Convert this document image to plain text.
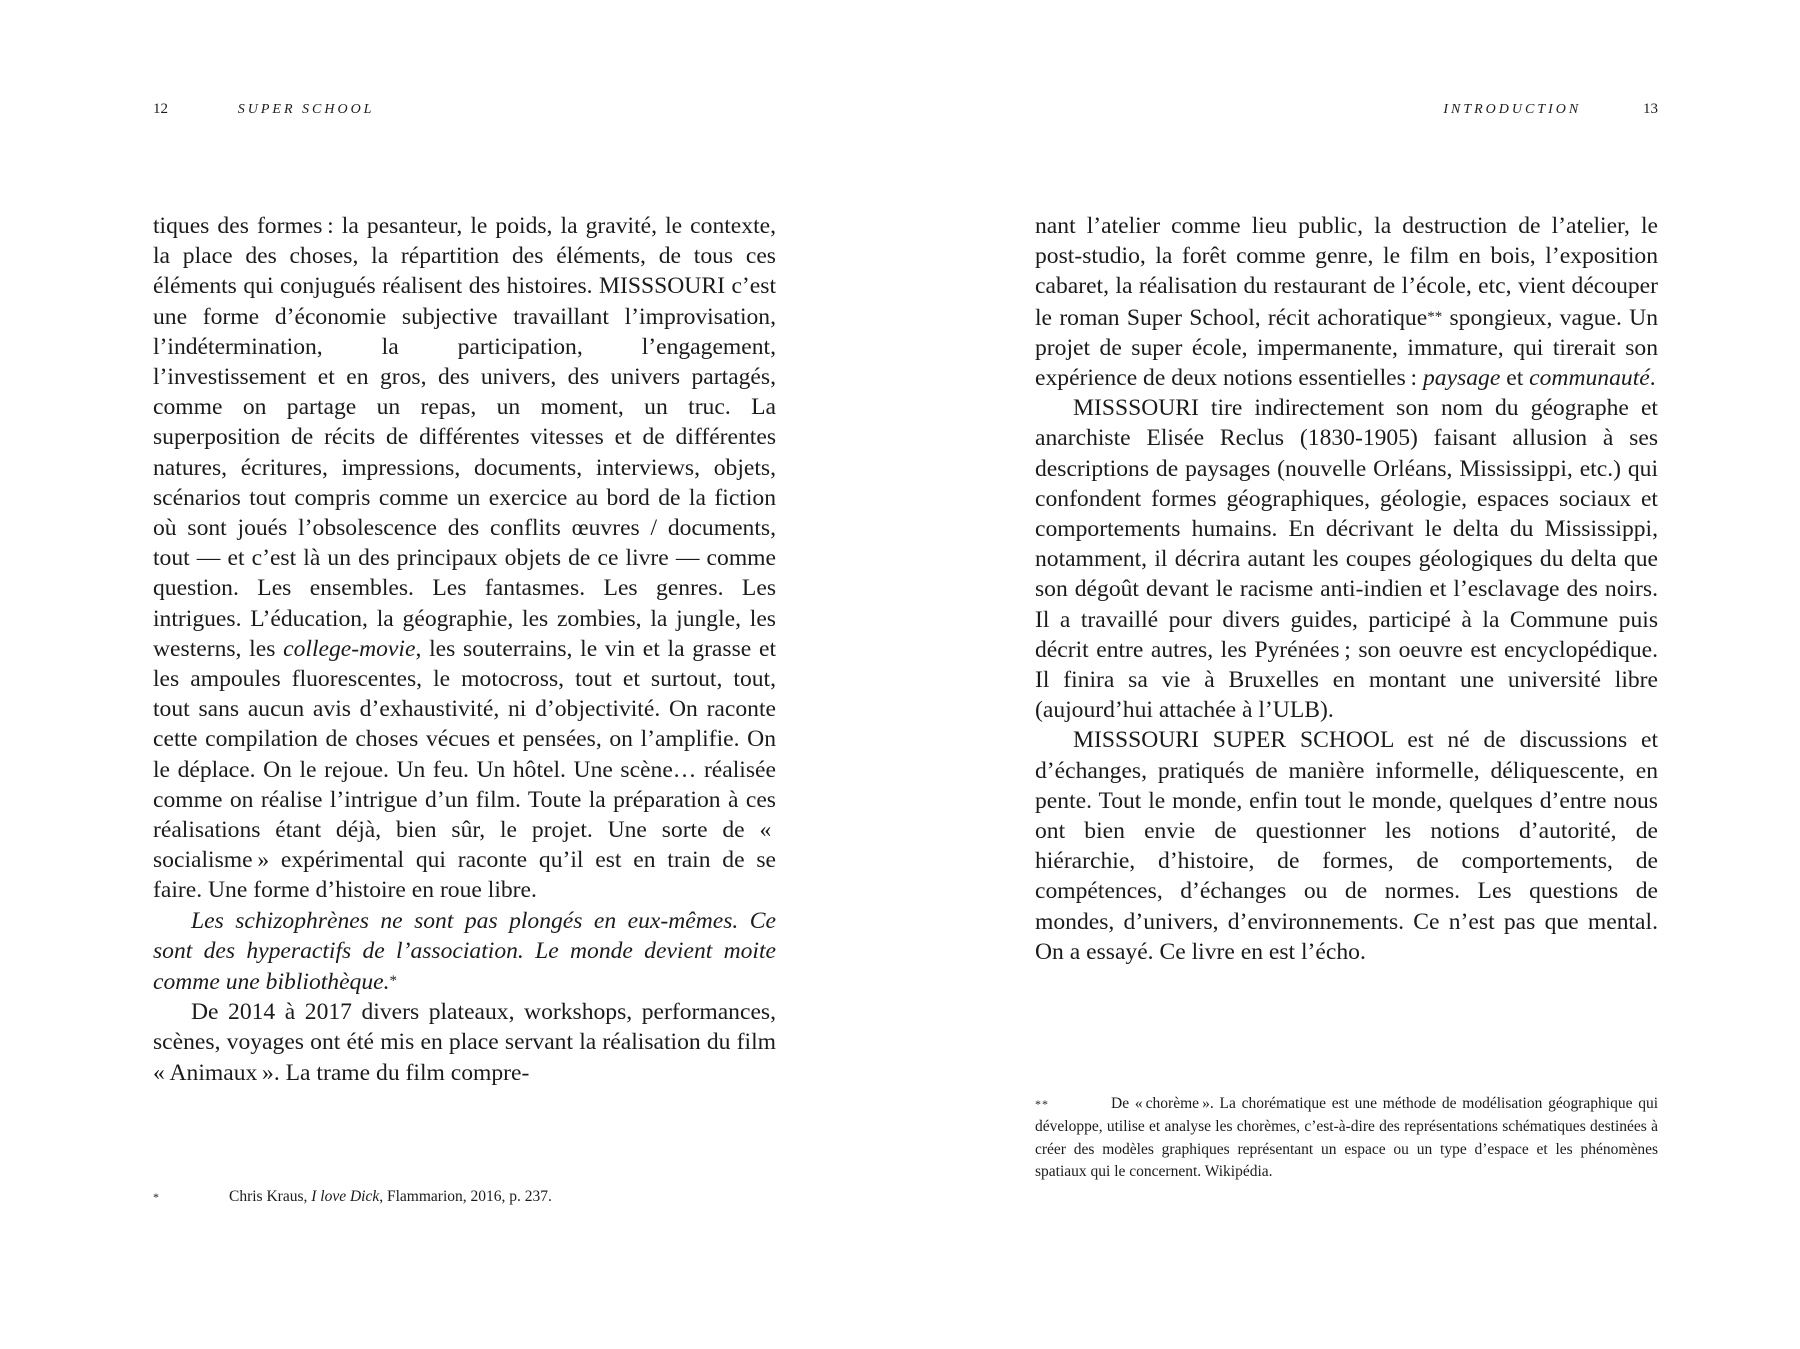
12	SUPER SCHOOL

tiques des formes : la pesanteur, le poids, la gravité, le contexte, la place des choses, la répartition des éléments, de tous ces éléments qui conjugués réalisent des histoires. MISSSOURI c’est une forme d’économie subjective travaillant l’improvisation, l’indétermination, la participation, l’engagement, l’investissement et en gros, des univers, des univers partagés, comme on partage un repas, un moment, un truc. La superposition de récits de différentes vitesses et de différentes natures, écritures, impressions, documents, interviews, objets, scénarios tout compris comme un exercice au bord de la fiction où sont joués l’obsolescence des conflits œuvres / documents, tout — et c’est là un des principaux objets de ce livre — comme question. Les ensembles. Les fantasmes. Les genres. Les intrigues. L’éducation, la géographie, les zombies, la jungle, les westerns, les college-movie, les souterrains, le vin et la grasse et les ampoules fluorescentes, le motocross, tout et surtout, tout, tout sans aucun avis d’exhaustivité, ni d’objectivité. On raconte cette compilation de choses vécues et pensées, on l’amplifie. On le déplace. On le rejoue. Un feu. Un hôtel. Une scène… réalisée comme on réalise l’intrigue d’un film. Toute la préparation à ces réalisations étant déjà, bien sûr, le projet. Une sorte de « socialisme » expérimental qui raconte qu’il est en train de se faire. Une forme d’histoire en roue libre.

Les schizophrènes ne sont pas plongés en eux-mêmes. Ce sont des hyperactifs de l’association. Le monde devient moite comme une bibliothèque.*

De 2014 à 2017 divers plateaux, workshops, performances, scènes, voyages ont été mis en place servant la réalisation du film « Animaux ». La trame du film compre-

*	Chris Kraus, I love Dick, Flammarion, 2016, p. 237.
INTRODUCTION	13

nant l’atelier comme lieu public, la destruction de l’atelier, le post-studio, la forêt comme genre, le film en bois, l’exposition cabaret, la réalisation du restaurant de l’école, etc, vient découper le roman Super School, récit achoratique** spongieux, vague. Un projet de super école, impermanente, immature, qui tirerait son expérience de deux notions essentielles : paysage et communauté.

MISSSOURI tire indirectement son nom du géographe et anarchiste Elisée Reclus (1830-1905) faisant allusion à ses descriptions de paysages (nouvelle Orléans, Mississippi, etc.) qui confondent formes géographiques, géologie, espaces sociaux et comportements humains. En décrivant le delta du Mississippi, notamment, il décrira autant les coupes géologiques du delta que son dégoût devant le racisme anti-indien et l’esclavage des noirs. Il a travaillé pour divers guides, participé à la Commune puis décrit entre autres, les Pyrénées ; son oeuvre est encyclopédique. Il finira sa vie à Bruxelles en montant une université libre (aujourd’hui attachée à l’ULB).

MISSSOURI SUPER SCHOOL est né de discussions et d’échanges, pratiqués de manière informelle, déliquescente, en pente. Tout le monde, enfin tout le monde, quelques d’entre nous ont bien envie de questionner les notions d’autorité, de hiérarchie, d’histoire, de formes, de comportements, de compétences, d’échanges ou de normes. Les questions de mondes, d’univers, d’environnements. Ce n’est pas que mental. On a essayé. Ce livre en est l’écho.

**	De « chorème ». La chorématique est une méthode de modélisation géographique qui développe, utilise et analyse les chorèmes, c’est-à-dire des représentations schématiques destinées à créer des modèles graphiques représentant un espace ou un type d’espace et les phénomènes spatiaux qui le concernent. Wikipédia.
